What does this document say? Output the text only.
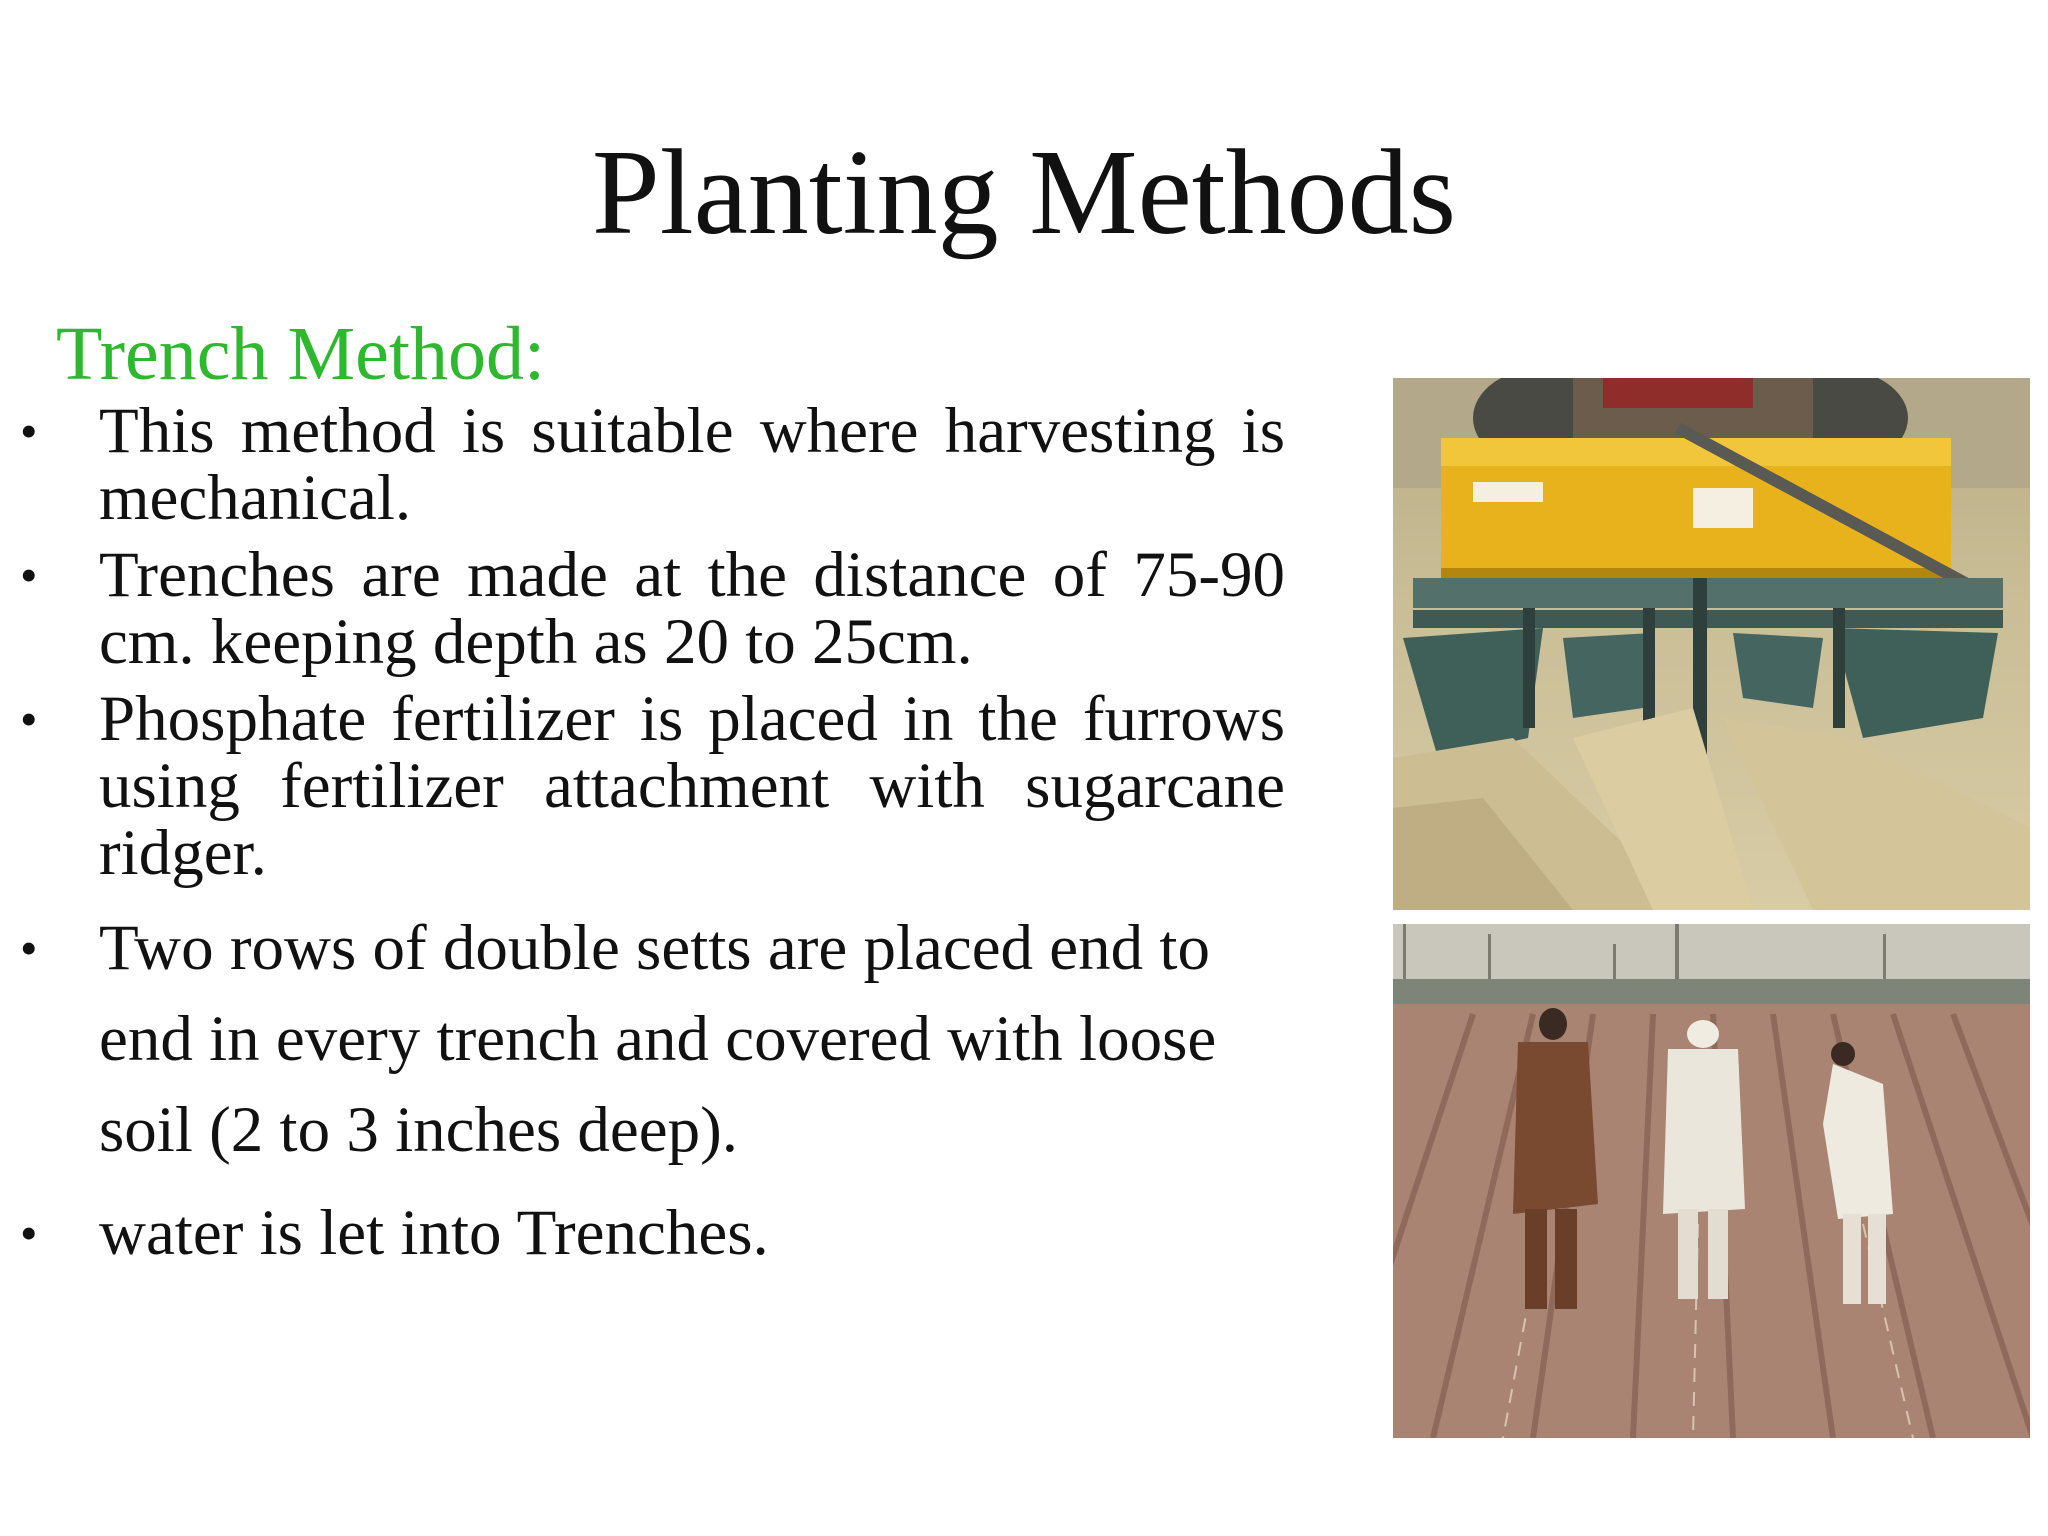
Planting Methods
Trench Method:
• This method is suitable where harvesting is mechanical.
• Trenches are made at the distance of 75-90 cm. keeping depth as 20 to 25cm.
• Phosphate fertilizer is placed in the furrows using fertilizer attachment with sugarcane ridger.
• Two rows of double setts are placed end to end in every trench and covered with loose soil (2 to 3 inches deep).
• water is let into Trenches.
